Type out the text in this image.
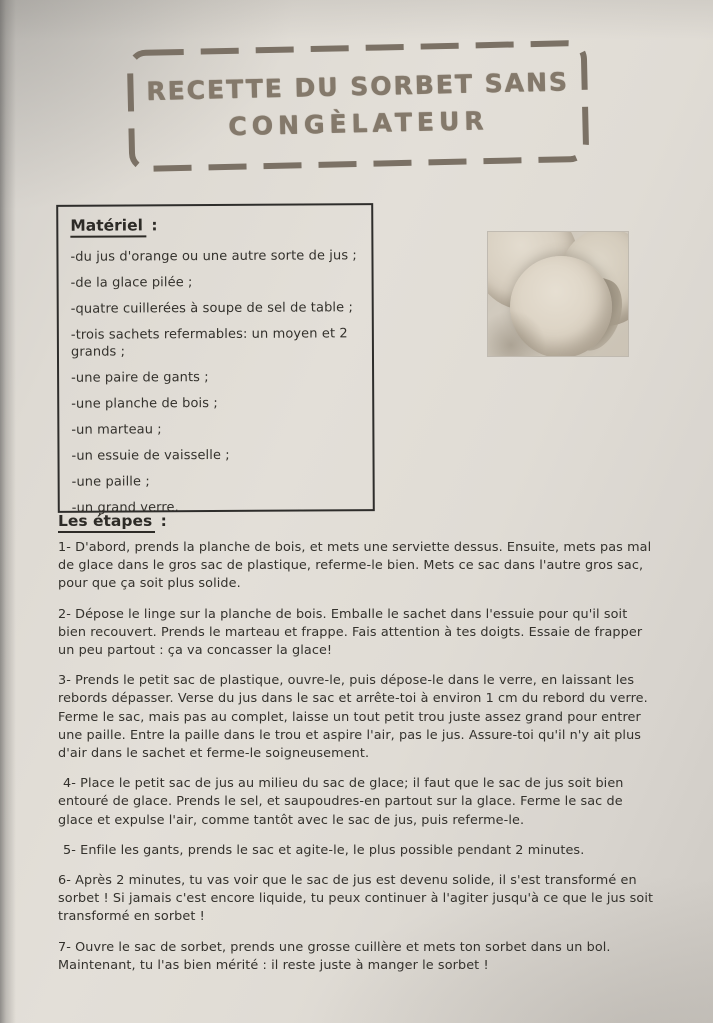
RECETTE DU SORBET SANS
CONGÈLATEUR
Matériel :
-du jus d'orange ou une autre sorte de jus ;
-de la glace pilée ;
-quatre cuillerées à soupe de sel de table ;
-trois sachets refermables: un moyen et 2 grands ;
-une paire de gants ;
-une planche de bois ;
-un marteau ;
-un essuie de vaisselle ;
-une paille ;
-un grand verre.
Les étapes :

1- D'abord, prends la planche de bois, et mets une serviette dessus. Ensuite, mets pas mal de glace dans le gros sac de plastique, referme-le bien. Mets ce sac dans l'autre gros sac, pour que ça soit plus solide.

2- Dépose le linge sur la planche de bois. Emballe le sachet dans l'essuie pour qu'il soit bien recouvert. Prends le marteau et frappe. Fais attention à tes doigts. Essaie de frapper un peu partout : ça va concasser la glace!

3- Prends le petit sac de plastique, ouvre-le, puis dépose-le dans le verre, en laissant les rebords dépasser. Verse du jus dans le sac et arrête-toi à environ 1 cm du rebord du verre. Ferme le sac, mais pas au complet, laisse un tout petit trou juste assez grand pour entrer une paille. Entre la paille dans le trou et aspire l'air, pas le jus. Assure-toi qu'il n'y ait plus d'air dans le sachet et ferme-le soigneusement.

4- Place le petit sac de jus au milieu du sac de glace; il faut que le sac de jus soit bien entouré de glace. Prends le sel, et saupoudres-en partout sur la glace. Ferme le sac de glace et expulse l'air, comme tantôt avec le sac de jus, puis referme-le.

5- Enfile les gants, prends le sac et agite-le, le plus possible pendant 2 minutes.

6- Après 2 minutes, tu vas voir que le sac de jus est devenu solide, il s'est transformé en sorbet ! Si jamais c'est encore liquide, tu peux continuer à l'agiter jusqu'à ce que le jus soit transformé en sorbet !

7- Ouvre le sac de sorbet, prends une grosse cuillère et mets ton sorbet dans un bol. Maintenant, tu l'as bien mérité : il reste juste à manger le sorbet !
